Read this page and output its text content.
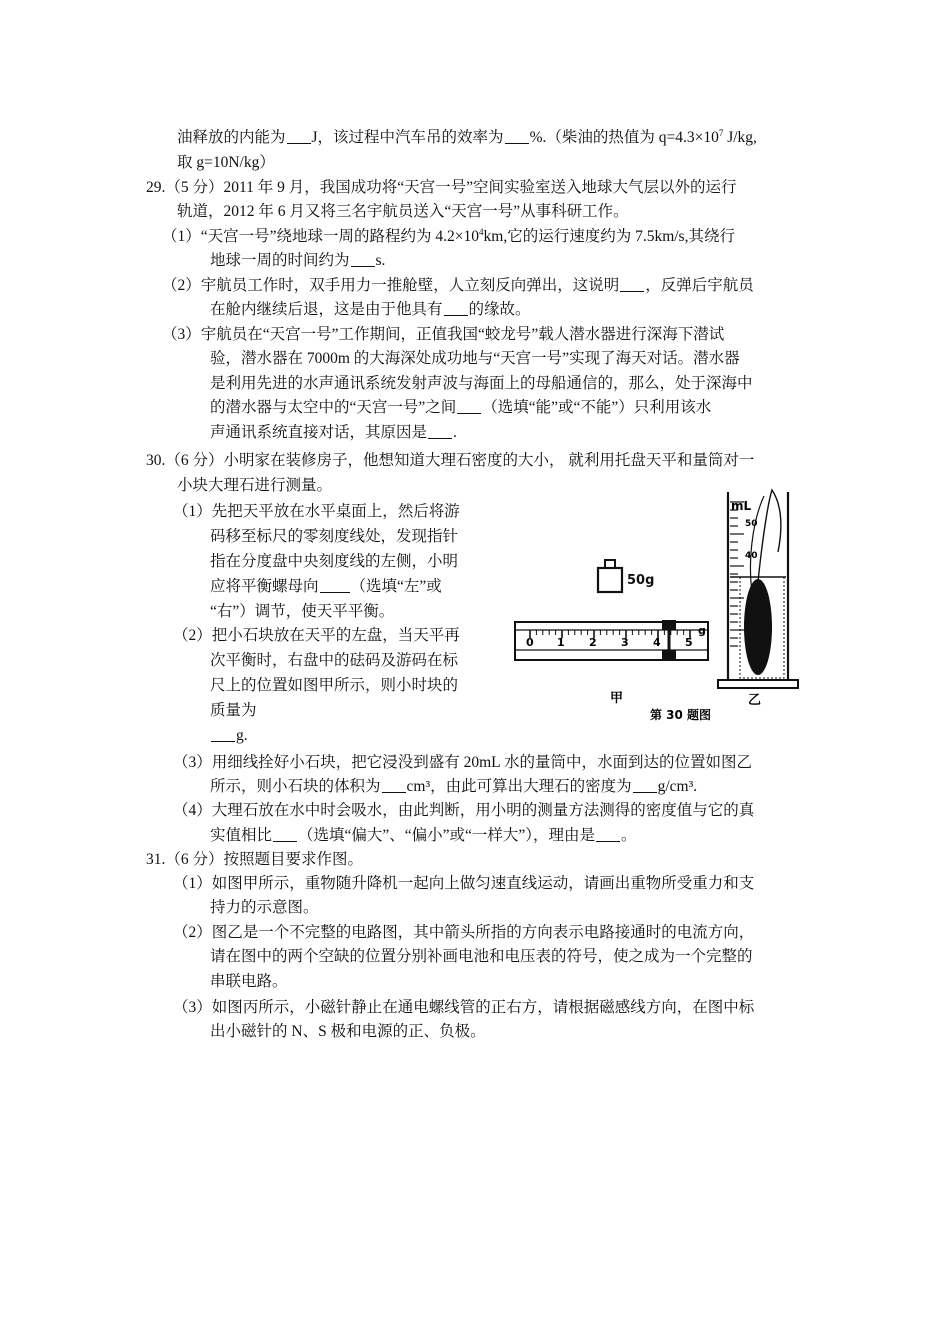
油释放的内能为 J，该过程中汽车吊的效率为 %.（柴油的热值为 $q=4.3\times 10^7$ J/kg,
取 g=10N/kg）
29.（5 分）2011 年 9 月，我国成功将“天宫一号”空间实验室送入地球大气层以外的运行
轨道，2012 年 6 月又将三名宇航员送入“天宫一号”从事科研工作。
（1）“天宫一号”绕地球一周的路程约为 $4.2\times 10^4km$,它的运行速度约为 7.5km/s,其绕行
地球一周的时间约为 s.
（2）宇航员工作时，双手用力一推舱壁，人立刻反向弹出，这说明 ，反弹后宇航员
在舱内继续后退，这是由于他具有 的缘故。
（3）宇航员在“天宫一号”工作期间，正值我国“蛟龙号”载人潜水器进行深海下潜试
验，潜水器在 7000m 的大海深处成功地与“天宫一号”实现了海天对话。潜水器
是利用先进的水声通讯系统发射声波与海面上的母船通信的，那么，处于深海中
的潜水器与太空中的“天宫一号”之间 （选填“能”或“不能”）只利用该水
声通讯系统直接对话，其原因是 .
30.（6 分）小明家在装修房子，他想知道大理石密度的大小， 就利用托盘天平和量筒对一
小块大理石进行测量。
（1）先把天平放在水平桌面上，然后将游
码移至标尺的零刻度线处，发现指针
指在分度盘中央刻度线的左侧，小明
应将平衡螺母向 （选填“左”或
“右”）调节，使天平平衡。
（2）把小石块放在天平的左盘，当天平再
次平衡时，右盘中的砝码及游码在标
尺上的位置如图甲所示，则小时块的
质量为
g.
（3）用细线拴好小石块，把它浸没到盛有 20mL 水的量筒中，水面到达的位置如图乙
所示，则小石块的体积为 cm³，由此可算出大理石的密度为 g/cm³.
（4）大理石放在水中时会吸水，由此判断，用小明的测量方法测得的密度值与它的真
实值相比 （选填“偏大”、“偏小”或“一样大”），理由是 。
50g
0 1 2 3 4 5
g
mL
50
40
甲
第 30 题图
乙
31.（6 分）按照题目要求作图。
（1）如图甲所示，重物随升降机一起向上做匀速直线运动，请画出重物所受重力和支
持力的示意图。
（2）图乙是一个不完整的电路图，其中箭头所指的方向表示电路接通时的电流方向，
请在图中的两个空缺的位置分别补画电池和电压表的符号，使之成为一个完整的
串联电路。
（3）如图丙所示，小磁针静止在通电螺线管的正右方，请根据磁感线方向，在图中标
出小磁针的 N、S 极和电源的正、负极。
